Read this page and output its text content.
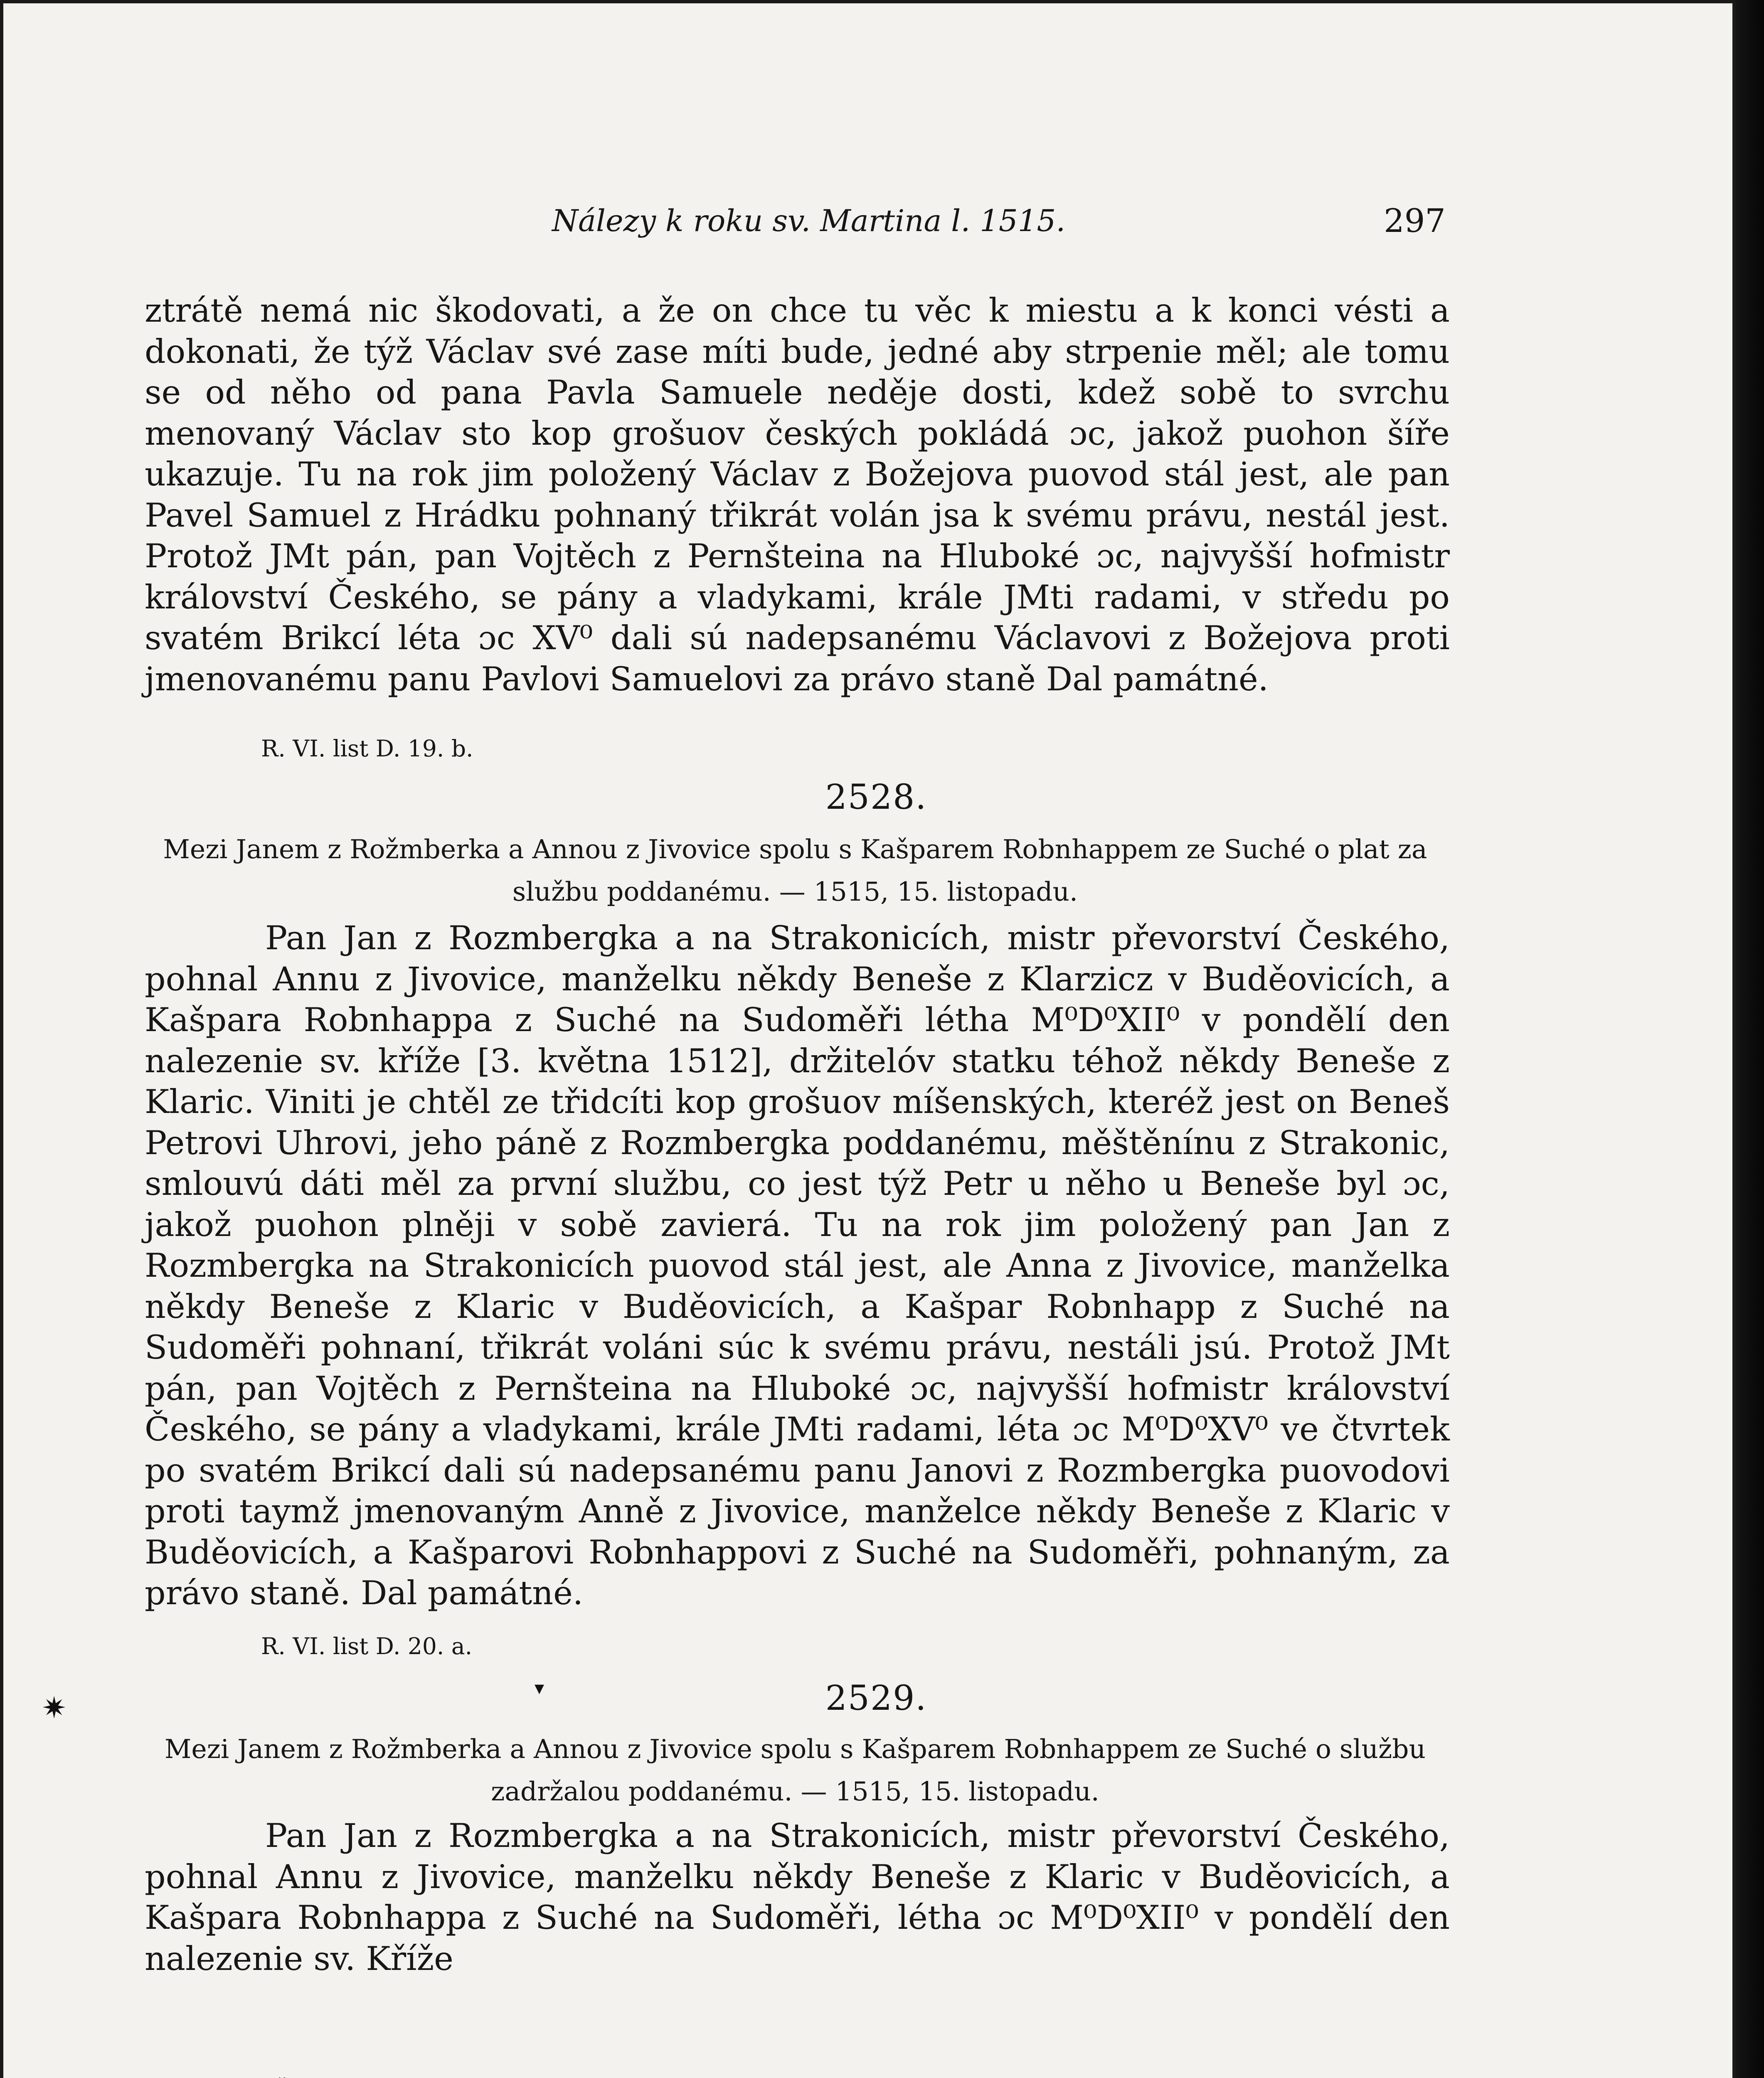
Nálezy k roku sv. Martina l. 1515.	297

ztrátě nemá nic škodovati, a že on chce tu věc k miestu a k konci vésti a dokonati, že týž Václav své zase míti bude, jedné aby strpenie měl; ale tomu se od něho od pana Pavla Samuele neděje dosti, kdež sobě to svrchu menovaný Václav sto kop grošuov českých pokládá ɔc, jakož puohon šíře ukazuje. Tu na rok jim položený Václav z Božejova puovod stál jest, ale pan Pavel Samuel z Hrádku pohnaný třikrát volán jsa k svému právu, nestál jest. Protož JMt pán, pan Vojtěch z Pernšteina na Hluboké ɔc, najvyšší hofmistr království Českého, se pány a vladykami, krále JMti radami, v středu po svatém Brikcí léta ɔc XV⁰ dali sú nadepsanému Václavovi z Božejova proti jmenovanému panu Pavlovi Samuelovi za právo staně Dal památné.

R. VI. list D. 19. b.

2528.

Mezi Janem z Rožmberka a Annou z Jivovice spolu s Kašparem Robnhappem ze Suché o plat za službu poddanému. — 1515, 15. listopadu.

Pan Jan z Rozmbergka a na Strakonicích, mistr převorství Českého, pohnal Annu z Jivovice, manželku někdy Beneše z Klarzicz v Buděovicích, a Kašpara Robnhappa z Suché na Sudoměři létha M⁰D⁰XII⁰ v pondělí den nalezenie sv. kříže [3. května 1512], držitelóv statku téhož někdy Beneše z Klaric. Viniti je chtěl ze třidcíti kop grošuov míšenských, kteréž jest on Beneš Petrovi Uhrovi, jeho páně z Rozmbergka poddanému, měštěnínu z Strakonic, smlouvú dáti měl za první službu, co jest týž Petr u něho u Beneše byl ɔc, jakož puohon plněji v sobě zavierá. Tu na rok jim položený pan Jan z Rozmbergka na Strakonicích puovod stál jest, ale Anna z Jivovice, manželka někdy Beneše z Klaric v Buděovicích, a Kašpar Robnhapp z Suché na Sudoměři pohnaní, třikrát voláni súc k svému právu, nestáli jsú. Protož JMt pán, pan Vojtěch z Pernšteina na Hluboké ɔc, najvyšší hofmistr království Českého, se pány a vladykami, krále JMti radami, léta ɔc M⁰D⁰XV⁰ ve čtvrtek po svatém Brikcí dali sú nadepsanému panu Janovi z Rozmbergka puovodovi proti taymž jmenovaným Anně z Jivovice, manželce někdy Beneše z Klaric v Buděovicích, a Kašparovi Robnhappovi z Suché na Sudoměři, pohnaným, za právo staně. Dal památné.

R. VI. list D. 20. a.

✷
▾	2529.

Mezi Janem z Rožmberka a Annou z Jivovice spolu s Kašparem Robnhappem ze Suché o službu zadržalou poddanému. — 1515, 15. listopadu.

Pan Jan z Rozmbergka a na Strakonicích, mistr převorství Českého, pohnal Annu z Jivovice, manželku někdy Beneše z Klaric v Buděovicích, a Kašpara Robnhappa z Suché na Sudoměři, létha ɔc M⁰D⁰XII⁰ v pondělí den nalezenie sv. Kříže
